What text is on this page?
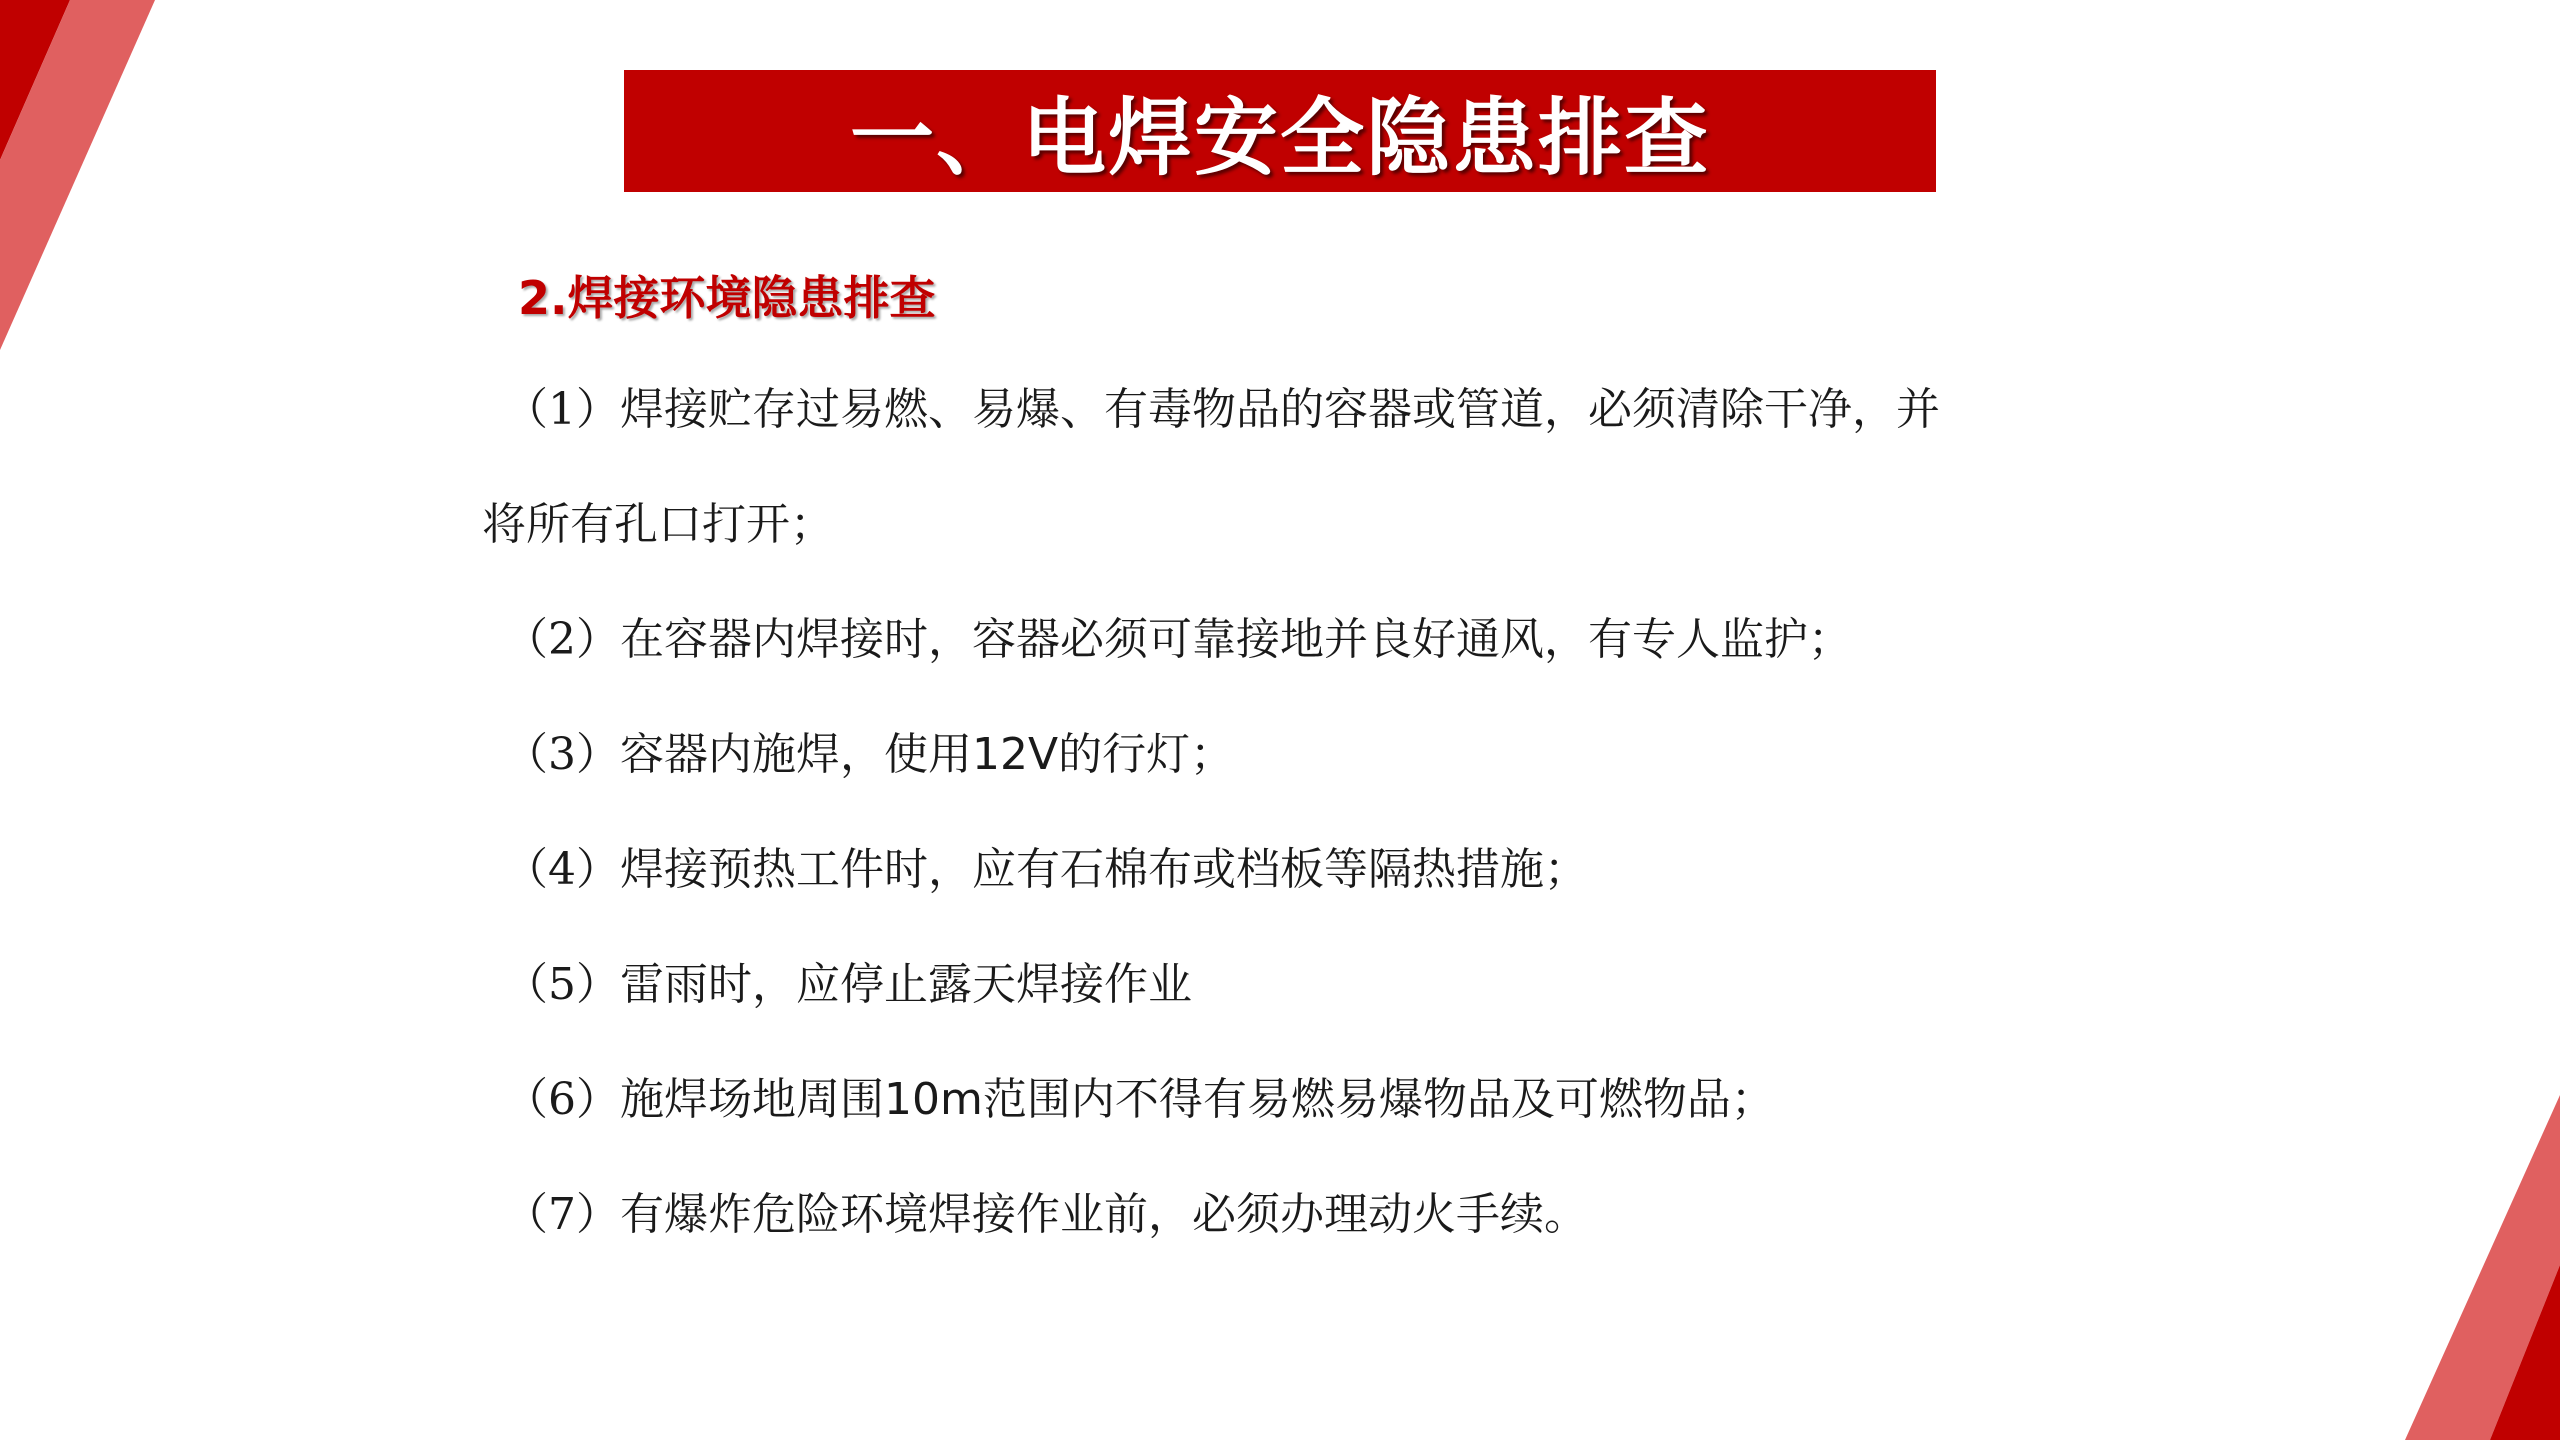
一、电焊安全隐患排查
2.焊接环境隐患排查

（1）焊接贮存过易燃、易爆、有毒物品的容器或管道，必须清除干净，并

将所有孔口打开；

（2）在容器内焊接时，容器必须可靠接地并良好通风，有专人监护；

（3）容器内施焊，使用12V的行灯；

（4）焊接预热工件时，应有石棉布或档板等隔热措施；

（5）雷雨时，应停止露天焊接作业

（6）施焊场地周围10m范围内不得有易燃易爆物品及可燃物品；

（7）有爆炸危险环境焊接作业前，必须办理动火手续。
